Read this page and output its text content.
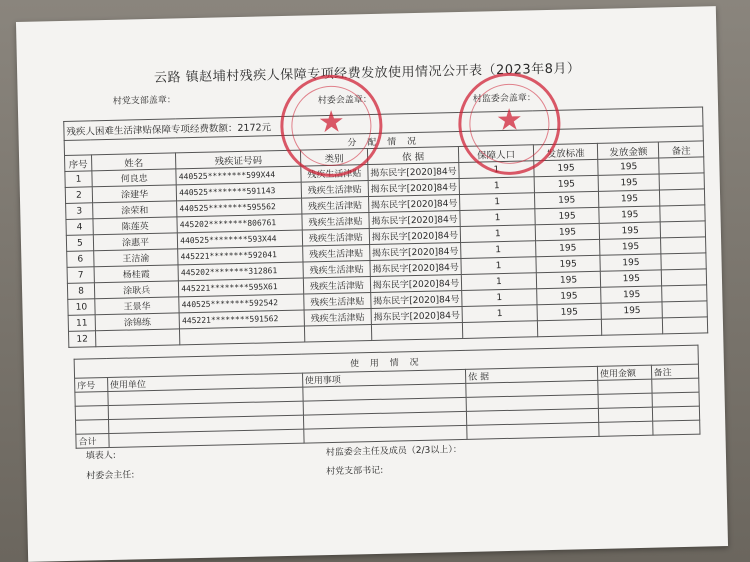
云路 镇赵埔村残疾人保障专项经费发放使用情况公开表（2023年8月）
村党支部盖章：	村委会盖章：	村监委会盖章：
残疾人困难生活津贴保障专项经费数额：2172元								
分 配 情 况								
序号	姓名	残疾证号码	类别	依 据	保障人口	发放标准	发放金额	备注
1	何良忠	440525********599X44	残疾生活津贴	揭东民字[2020]84号	1	195	195	
2	涂建华	440525********591143	残疾生活津贴	揭东民字[2020]84号	1	195	195	
3	涂荣和	440525********595562	残疾生活津贴	揭东民字[2020]84号	1	195	195	
4	陈莲英	445202********806761	残疾生活津贴	揭东民字[2020]84号	1	195	195	
5	涂惠平	440525********593X44	残疾生活津贴	揭东民字[2020]84号	1	195	195	
6	王洁渝	445221********592041	残疾生活津贴	揭东民字[2020]84号	1	195	195	
7	杨桂霞	445202********312861	残疾生活津贴	揭东民字[2020]84号	1	195	195	
8	涂耿兵	445221********595X61	残疾生活津贴	揭东民字[2020]84号	1	195	195	
10	王景华	440525********592542	残疾生活津贴	揭东民字[2020]84号	1	195	195	
11	涂锦练	445221********591562	残疾生活津贴	揭东民字[2020]84号	1	195	195	
12								
使 用 情 况					
序号	使用单位	使用事项	依 据	使用金额	备注

合计					
填表人:	村监委会主任及成员（2/3以上）：
村委会主任:	村党支部书记:
★	★
